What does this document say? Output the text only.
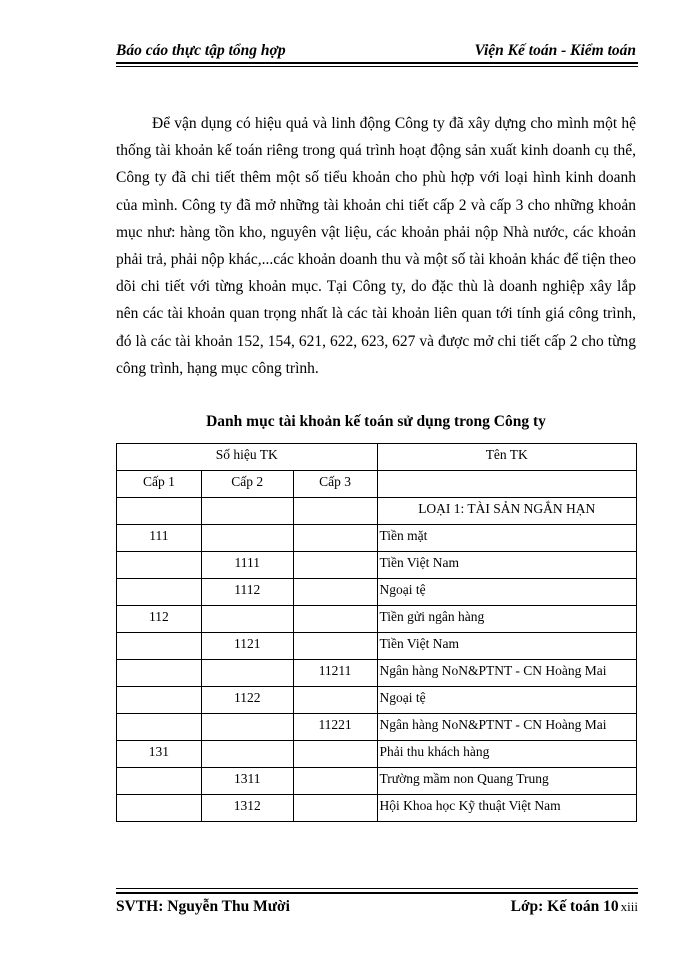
Báo cáo thực tập tổng hợp	Viện Kế toán - Kiểm toán

Để vận dụng có hiệu quả và linh động Công ty đã xây dựng cho mình một hệ thống tài khoản kế toán riêng trong quá trình hoạt động sản xuất kinh doanh cụ thể, Công ty đã chi tiết thêm một số tiểu khoản cho phù hợp với loại hình kinh doanh của mình. Công ty đã mở những tài khoản chi tiết cấp 2 và cấp 3 cho những khoản mục như: hàng tồn kho, nguyên vật liệu, các khoản phải nộp Nhà nước, các khoản phải trả, phải nộp khác,...các khoản doanh thu và một số tài khoản khác để tiện theo dõi chi tiết với từng khoản mục. Tại Công ty, do đặc thù là doanh nghiệp xây lắp nên các tài khoản quan trọng nhất là các tài khoản liên quan tới tính giá công trình, đó là các tài khoản 152, 154, 621, 622, 623, 627 và được mở chi tiết cấp 2 cho từng công trình, hạng mục công trình.

Danh mục tài khoản kế toán sử dụng trong Công ty
Số hiệu TK			Tên TK
Cấp 1	Cấp 2	Cấp 3	
			LOẠI 1: TÀI SẢN NGẮN HẠN
111			Tiền mặt
	1111		Tiền Việt Nam
	1112		Ngoại tệ
112			Tiền gửi ngân hàng
	1121		Tiền Việt Nam
		11211	Ngân hàng NoN&PTNT - CN Hoàng Mai
	1122		Ngoại tệ
		11221	Ngân hàng NoN&PTNT - CN Hoàng Mai
131			Phải thu khách hàng
	1311		Trường mầm non Quang Trung
	1312		Hội Khoa học Kỹ thuật Việt Nam
SVTH: Nguyễn Thu Mười	Lớp: Kế toán 10 xiii
